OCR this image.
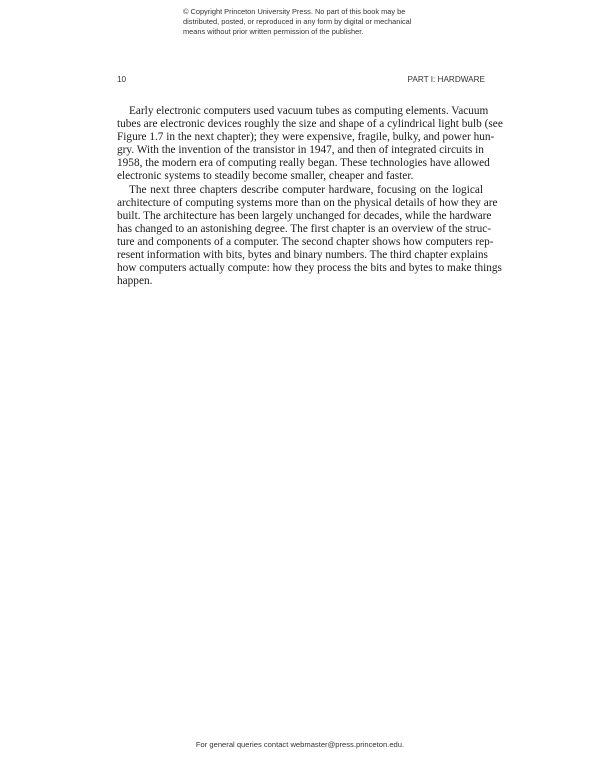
© Copyright Princeton University Press. No part of this book may be
distributed, posted, or reproduced in any form by digital or mechanical
means without prior written permission of the publisher.
10	PART I: HARDWARE
Early electronic computers used vacuum tubes as computing elements. Vacuum
tubes are electronic devices roughly the size and shape of a cylindrical light bulb (see
Figure 1.7 in the next chapter); they were expensive, fragile, bulky, and power hun-
gry. With the invention of the transistor in 1947, and then of integrated circuits in
1958, the modern era of computing really began. These technologies have allowed
electronic systems to steadily become smaller, cheaper and faster.
The next three chapters describe computer hardware, focusing on the logical
architecture of computing systems more than on the physical details of how they are
built. The architecture has been largely unchanged for decades, while the hardware
has changed to an astonishing degree. The first chapter is an overview of the struc-
ture and components of a computer. The second chapter shows how computers rep-
resent information with bits, bytes and binary numbers. The third chapter explains
how computers actually compute: how they process the bits and bytes to make things
happen.
For general queries contact webmaster@press.princeton.edu.
